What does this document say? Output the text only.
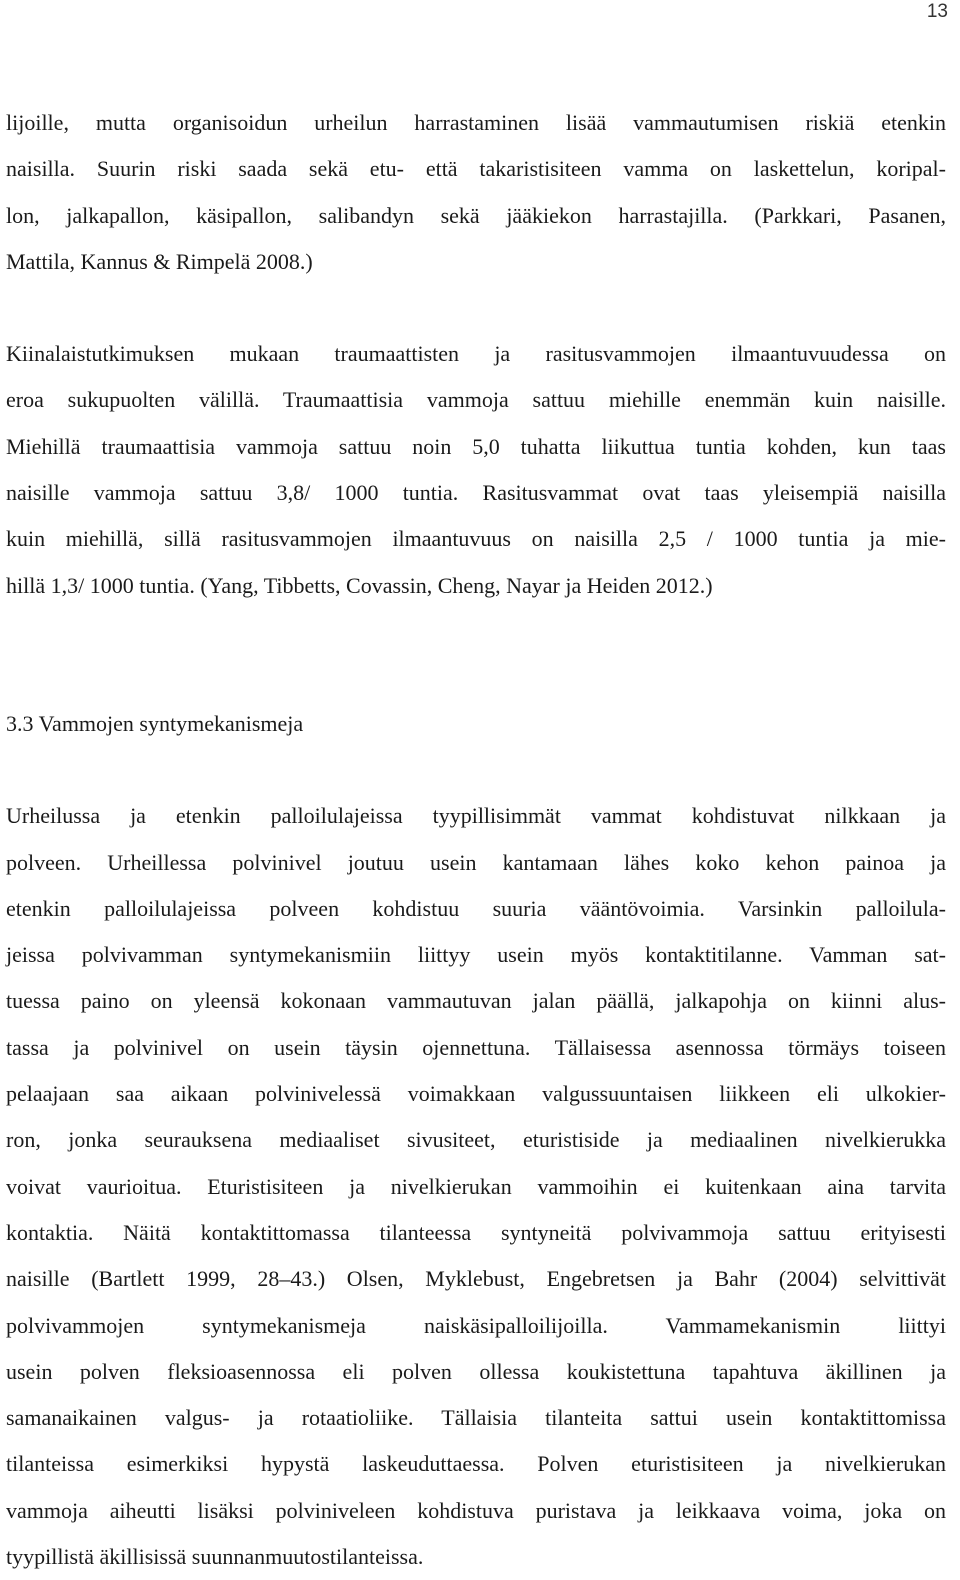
13
lijoille, mutta organisoidun urheilun harrastaminen lisää vammautumisen riskiä etenkin
naisilla. Suurin riski saada sekä etu- että takaristisiteen vamma on laskettelun, koripal-
lon, jalkapallon, käsipallon, salibandyn sekä jääkiekon harrastajilla. (Parkkari, Pasanen,
Mattila, Kannus & Rimpelä 2008.)
Kiinalaistutkimuksen mukaan traumaattisten ja rasitusvammojen ilmaantuvuudessa on
eroa sukupuolten välillä. Traumaattisia vammoja sattuu miehille enemmän kuin naisille.
Miehillä traumaattisia vammoja sattuu noin 5,0 tuhatta liikuttua tuntia kohden, kun taas
naisille vammoja sattuu 3,8/ 1000 tuntia. Rasitusvammat ovat taas yleisempiä naisilla
kuin miehillä, sillä rasitusvammojen ilmaantuvuus on naisilla 2,5 / 1000 tuntia ja mie-
hillä 1,3/ 1000 tuntia. (Yang, Tibbetts, Covassin, Cheng, Nayar ja Heiden 2012.)
3.3 Vammojen syntymekanismeja
Urheilussa ja etenkin palloilulajeissa tyypillisimmät vammat kohdistuvat nilkkaan ja
polveen. Urheillessa polvinivel joutuu usein kantamaan lähes koko kehon painoa ja
etenkin palloilulajeissa polveen kohdistuu suuria vääntövoimia. Varsinkin palloilula-
jeissa polvivamman syntymekanismiin liittyy usein myös kontaktitilanne. Vamman sat-
tuessa paino on yleensä kokonaan vammautuvan jalan päällä, jalkapohja on kiinni alus-
tassa ja polvinivel on usein täysin ojennettuna. Tällaisessa asennossa törmäys toiseen
pelaajaan saa aikaan polvinivelessä voimakkaan valgussuuntaisen liikkeen eli ulkokier-
ron, jonka seurauksena mediaaliset sivusiteet, eturistiside ja mediaalinen nivelkierukka
voivat vaurioitua. Eturistisiteen ja nivelkierukan vammoihin ei kuitenkaan aina tarvita
kontaktia. Näitä kontaktittomassa tilanteessa syntyneitä polvivammoja sattuu erityisesti
naisille (Bartlett 1999, 28–43.) Olsen, Myklebust, Engebretsen ja Bahr (2004) selvittivät
polvivammojen syntymekanismeja naiskäsipalloilijoilla. Vammamekanismin liittyi
usein polven fleksioasennossa eli polven ollessa koukistettuna tapahtuva äkillinen ja
samanaikainen valgus- ja rotaatioliike. Tällaisia tilanteita sattui usein kontaktittomissa
tilanteissa esimerkiksi hypystä laskeuduttaessa. Polven eturistisiteen ja nivelkierukan
vammoja aiheutti lisäksi polviniveleen kohdistuva puristava ja leikkaava voima, joka on
tyypillistä äkillisissä suunnanmuutostilanteissa.
